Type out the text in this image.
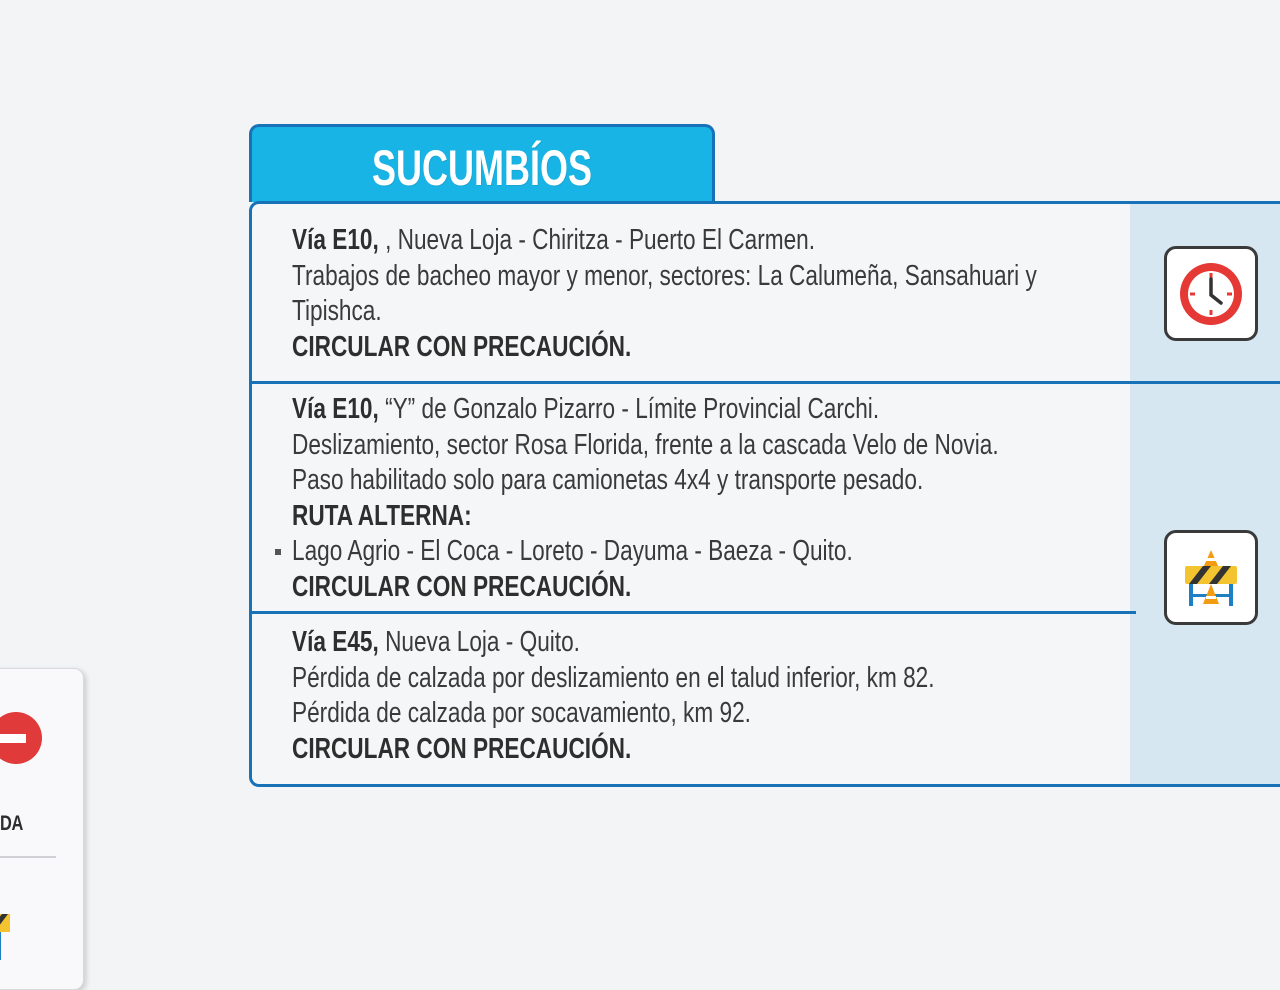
DA
SUCUMBÍOS
Vía E10, , Nueva Loja - Chiritza - Puerto El Carmen.
Trabajos de bacheo mayor y menor, sectores: La Calumeña, Sansahuari y
Tipishca.
CIRCULAR CON PRECAUCIÓN.
Vía E10, “Y” de Gonzalo Pizarro - Límite Provincial Carchi.
Deslizamiento, sector Rosa Florida, frente a la cascada Velo de Novia.
Paso habilitado solo para camionetas 4x4 y transporte pesado.
RUTA ALTERNA:
Lago Agrio - El Coca - Loreto - Dayuma - Baeza - Quito.
CIRCULAR CON PRECAUCIÓN.
Vía E45, Nueva Loja - Quito.
Pérdida de calzada por deslizamiento en el talud inferior, km 82.
Pérdida de calzada por socavamiento, km 92.
CIRCULAR CON PRECAUCIÓN.
